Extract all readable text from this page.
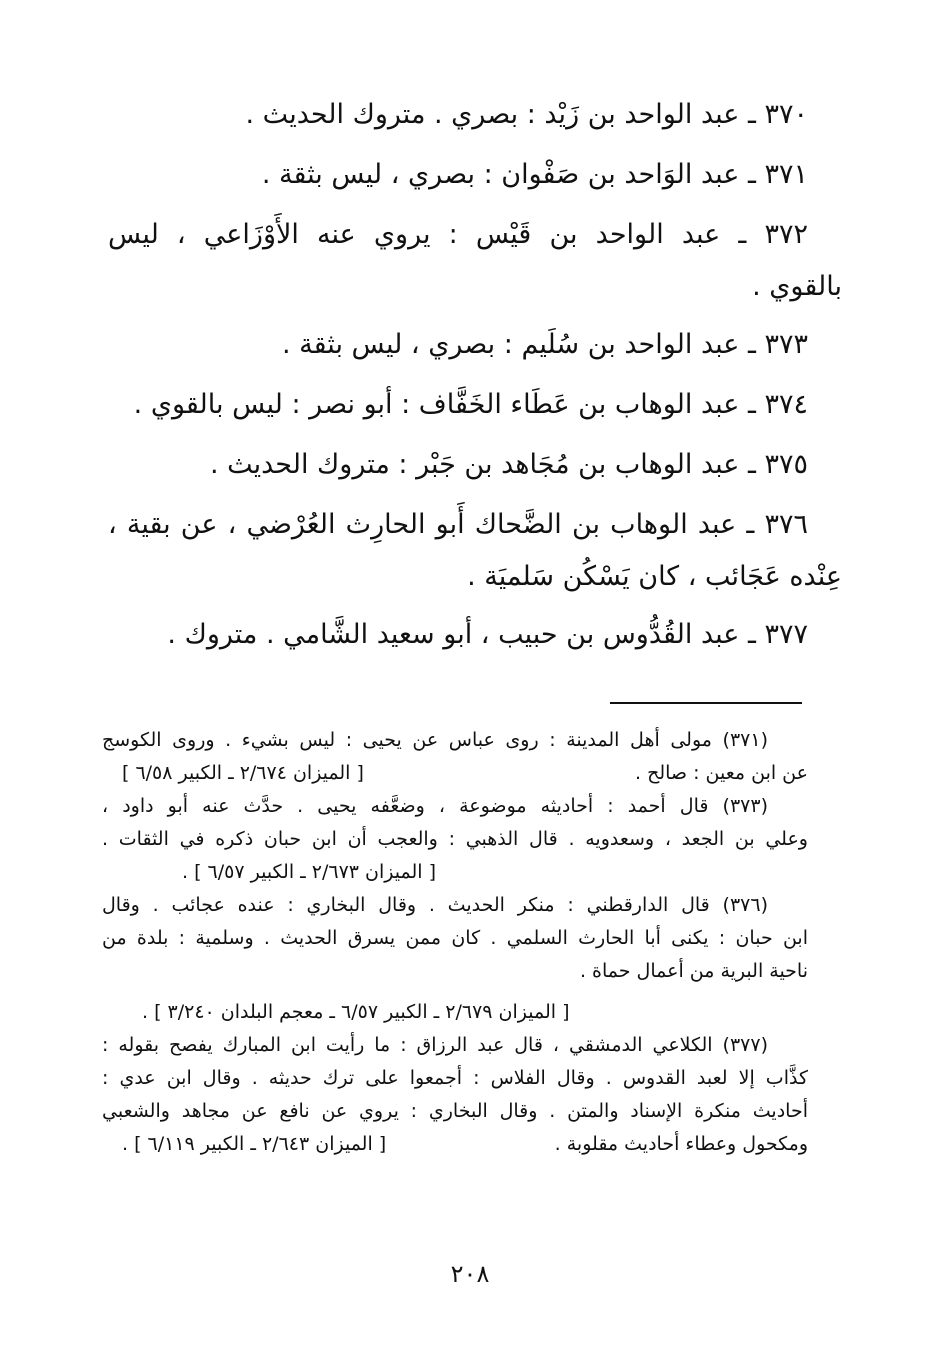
٣٧٠ ـ عبد الواحد بن زَيْد : بصري . متروك الحديث .
٣٧١ ـ عبد الوَاحد بن صَفْوان : بصري ، ليس بثقة .
٣٧٢ ـ عبد الواحد بن قَيْس : يروي عنه الأَوْزَاعي ، ليس
بالقوي .
٣٧٣ ـ عبد الواحد بن سُلَيم : بصري ، ليس بثقة .
٣٧٤ ـ عبد الوهاب بن عَطَاء الخَفَّاف : أبو نصر : ليس بالقوي .
٣٧٥ ـ عبد الوهاب بن مُجَاهد بن جَبْر : متروك الحديث .
٣٧٦ ـ عبد الوهاب بن الضَّحاك أَبو الحارِث العُرْضي ، عن بقية ،
عِنْده عَجَائب ، كان يَسْكُن سَلميَة .
٣٧٧ ـ عبد القُدُّوس بن حبيب ، أبو سعيد الشَّامي . متروك .
(٣٧١) مولى أهل المدينة : روى عباس عن يحيى : ليس بشيء . وروى الكوسج
عن ابن معين : صالح .
[ الميزان ٢/٦٧٤ ـ الكبير ٦/٥٨ ]
(٣٧٣) قال أحمد : أحاديثه موضوعة ، وضعَّفه يحيى . حدَّث عنه أبو داود ،
وعلي بن الجعد ، وسعدويه . قال الذهبي : والعجب أن ابن حبان ذكره في الثقات .
[ الميزان ٢/٦٧٣ ـ الكبير ٦/٥٧ ] .
(٣٧٦) قال الدارقطني : منكر الحديث . وقال البخاري : عنده عجائب . وقال
ابن حبان : يكنى أبا الحارث السلمي . كان ممن يسرق الحديث . وسلمية : بلدة من
ناحية البرية من أعمال حماة .
[ الميزان ٢/٦٧٩ ـ الكبير ٦/٥٧ ـ معجم البلدان ٣/٢٤٠ ] .
(٣٧٧) الكلاعي الدمشقي ، قال عبد الرزاق : ما رأيت ابن المبارك يفصح بقوله :
كذَّاب إلا لعبد القدوس . وقال الفلاس : أجمعوا على ترك حديثه . وقال ابن عدي :
أحاديث منكرة الإسناد والمتن . وقال البخاري : يروي عن نافع عن مجاهد والشعبي
ومكحول وعطاء أحاديث مقلوبة .
[ الميزان ٢/٦٤٣ ـ الكبير ٦/١١٩ ] .
٢٠٨
